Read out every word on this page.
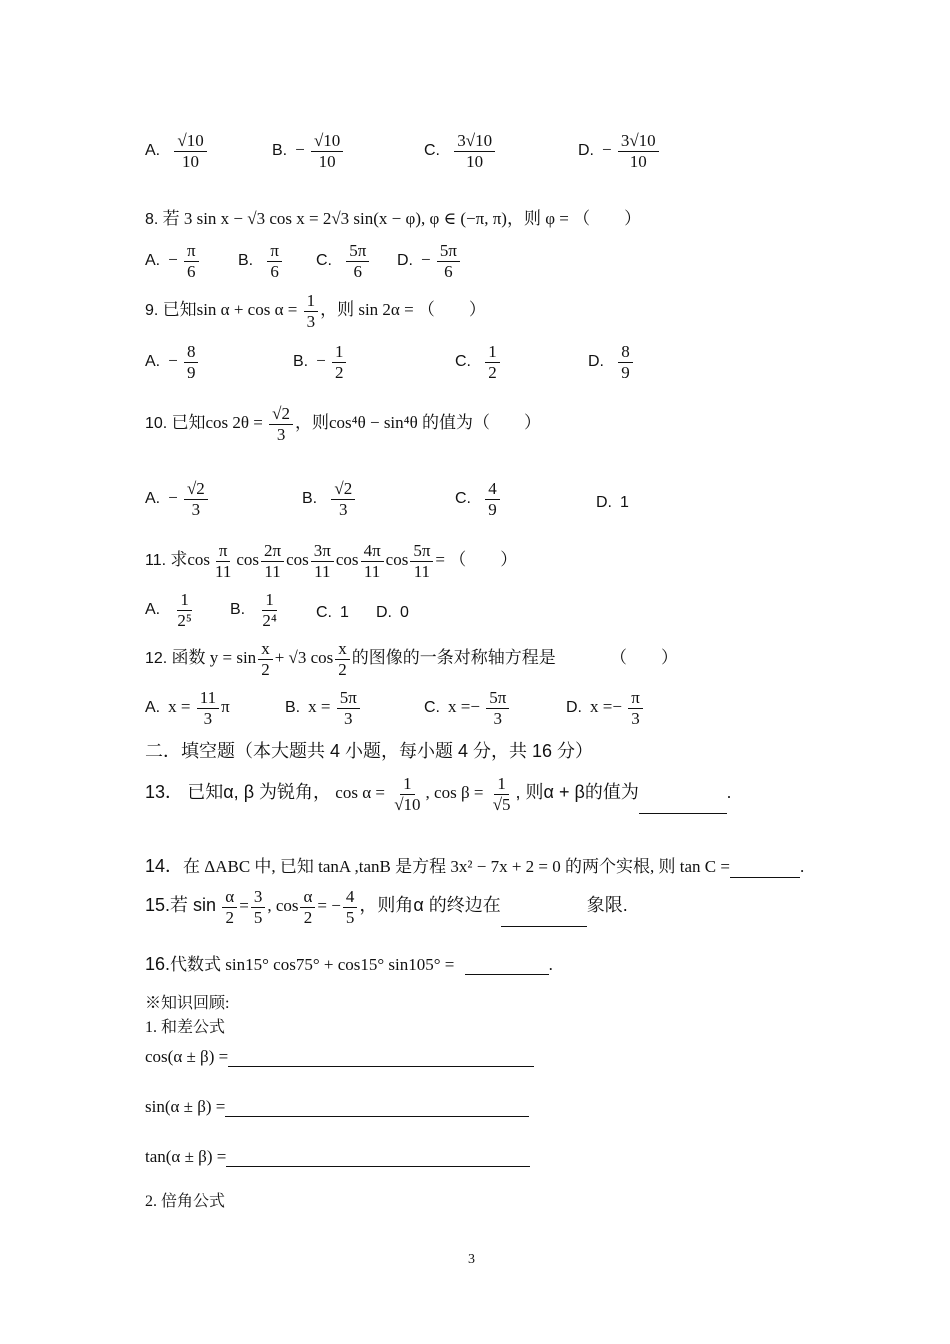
A. $\frac{√10}{10}$	B. − $\frac{√10}{10}$	C. $\frac{3√10}{10}$	D. − $\frac{3√10}{10}$
8. 若 3 sin x − √3 cos x = 2√3 sin(x − φ), φ ∈ (−π, π)，则 φ = （　　）
A. − $\frac{\pi}{6} B$. $\frac{\pi}{6} C$. $\frac{5\pi}{6} D$. − $\frac{5\pi}{6}$
9. 已知$\sin \alpha + \cos \alpha = \frac{1}{3}$ ，则 sin 2α = （　　）
A. − $\frac{8}{9}$	B. − $\frac{1}{2}$	C. $\frac{1}{2}$	D. $\frac{8}{9}$
10. 已知$\cos 2\theta = \frac{√2}{3}$ ，则cos⁴θ − sin⁴θ 的值为（　　）
A. − $\frac{√2}{3}$	B. $\frac{√2}{3}$	C. $\frac{4}{9}$	D. 1
11. 求$\cos \frac{\pi}{11}$ $\cos \frac{2\pi}{11}$ $\cos \frac{3\pi}{11}$ $\cos \frac{4\pi}{11}$ $\cos \frac{5\pi}{11}$ = （　　）
A. $\frac{1}{\text{2⁵}} B$. $\frac{1}{\text{2⁴}} C$. 1 D. 0
12. 函数 $y = \sin \frac{x}{2} + √3$ $\cos \frac{x}{2}$ 的图像的一条对称轴方程是	（　　）
A. $x = \frac{11}{3}$ π	B. $x = \frac{5\pi}{3}$	C. $x =- \frac{5\pi}{3}$	D. $x =- \frac{\pi}{3}$
二．填空题（本大题共 4 小题，每小题 4 分，共 16 分）
13． 已知α, β 为锐角， $\cos \alpha = \frac{1}{√10}$ , $\cos \beta = \frac{1}{√5}$ , 则α + β的值为	.
14．在 ΔABC 中, 已知 tanA ,tanB 是方程 3x² − 7x + 2 = 0 的两个实根, 则 tan C =	.
15.若 $\sin \frac{\alpha}{2} = \frac{3}{5}$ , $\cos \frac{\alpha}{2}$ = − $\frac{4}{5}$ ，则角α 的终边在	象限.
16.代数式 sin15° cos75° + cos15° sin105° =	.
※知识回顾:
1. 和差公式
cos(α ± β) =
sin(α ± β) =
tan(α ± β) =
2. 倍角公式
3
